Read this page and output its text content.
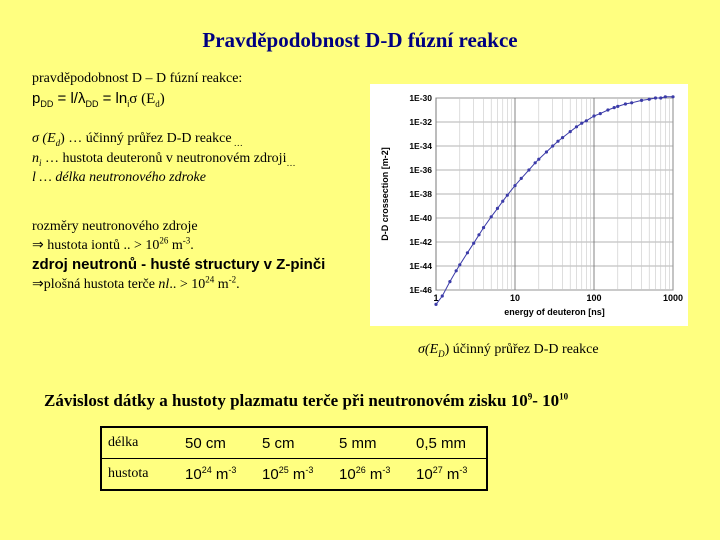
Pravděpodobnost D-D fúzní reakce
pravděpodobnost D – D fúzní reakce:
$p_{DD} = l/\lambda_{DD} = \ln_i\sigma$ $(E_d)$
σ $(E_d)$ … účinný průřez D-D reakce $_\dots$
$n_i$ … hustota deuteronů v neutronovém zdroji$_\dots$
l … délka neutronového zdroke
rozměry neutronového zdroje
⇒ hustota iontů .. > $10^{26}$ $m^{-3}$.
zdroj neutronů - husté structury v Z-pinči
⇒plošná hustota terče nl.. > $10^{24}$ $m^{-2}$.
1E-30
1E-32
1E-34
1E-36
1E-38
1E-40
1E-42
1E-44
1E-46
1	10	100	1000
energy of deuteron [ns]
D-D crossection [m-2]
$\sigma(E_D)$ účinný průřez D-D reakce
Závislost dátky a hustoty plazmatu terče při neutronovém zisku $10^9-$ $10^{10}$
délka	50 cm	5 cm	5 mm	0,5 mm
hustota	$10^{24}$ $m^{-3}$	$10^{25}$ $m^{-3}$	$10^{26}$ $m^{-3}$	$10^{27}$ $m^{-3}$
